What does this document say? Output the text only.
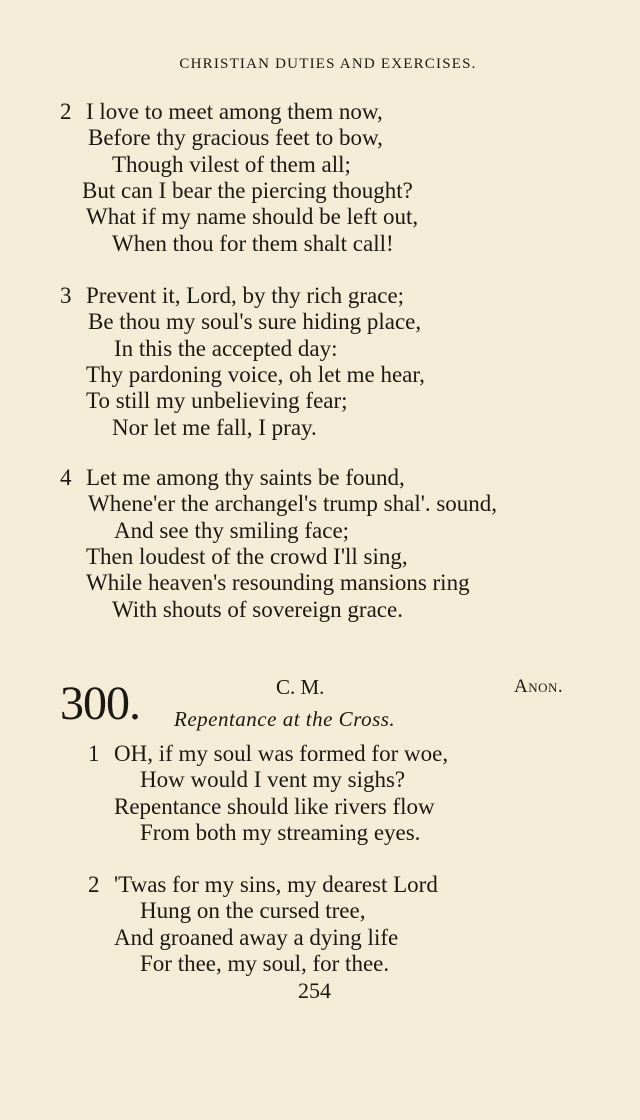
CHRISTIAN DUTIES AND EXERCISES.
2 I love to meet among them now,
Before thy gracious feet to bow,
Though vilest of them all;
But can I bear the piercing thought?
What if my name should be left out,
When thou for them shalt call!
3 Prevent it, Lord, by thy rich grace;
Be thou my soul's sure hiding place,
In this the accepted day:
Thy pardoning voice, oh let me hear,
To still my unbelieving fear;
Nor let me fall, I pray.
4 Let me among thy saints be found,
Whene'er the archangel's trump shal'. sound,
And see thy smiling face;
Then loudest of the crowd I'll sing,
While heaven's resounding mansions ring
With shouts of sovereign grace.
300.	C. M.	Anon.
Repentance at the Cross.
1 OH, if my soul was formed for woe,
How would I vent my sighs?
Repentance should like rivers flow
From both my streaming eyes.
2 'Twas for my sins, my dearest Lord
Hung on the cursed tree,
And groaned away a dying life
For thee, my soul, for thee.
254
